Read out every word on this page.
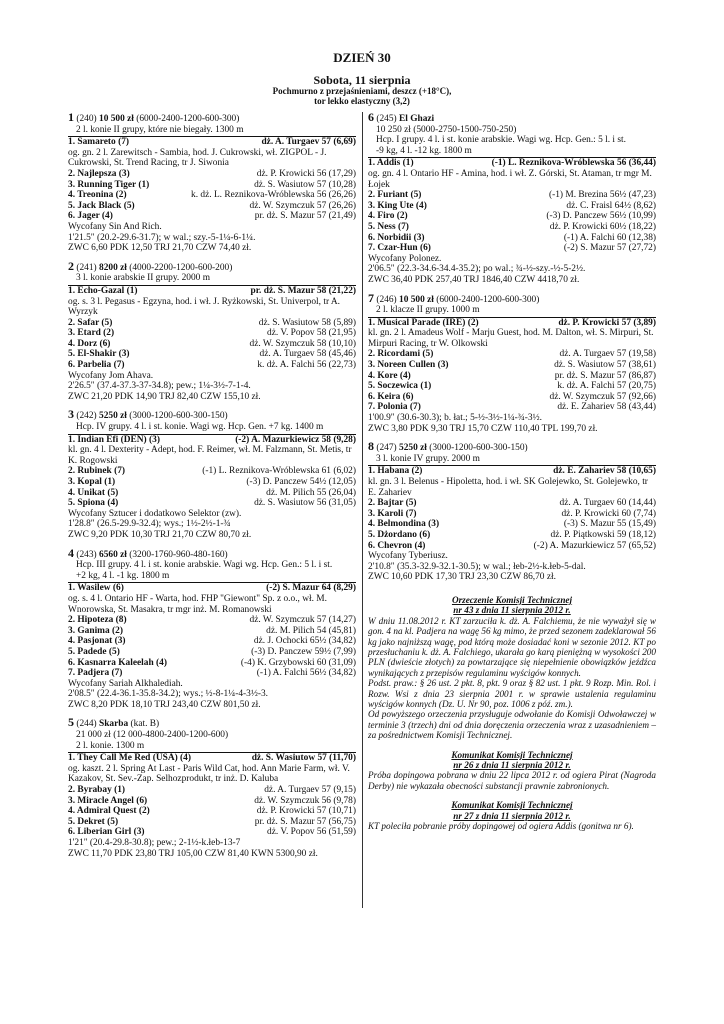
DZIEŃ 30
Sobota, 11 sierpnia
Pochmurno z przejaśnieniami, deszcz (+18°C),
tor lekko elastyczny (3,2)
1 (240) 10 500 zł (6000-2400-1200-600-300)
2 l. konie II grupy, które nie biegały. 1300 m
1. Samareto (7)	dż. A. Turgaev 57 (6,69)
og. gn. 2 l. Zarewitsch - Sambia, hod. J. Cukrowski, wł. ZIGPOL - J. Cukrowski, St. Trend Racing, tr J. Siwonia
2. Najlepsza (3)	dż. P. Krowicki 56 (17,29)
3. Running Tiger (1)	dż. S. Wasiutow 57 (10,28)
4. Treonina (2)	k. dż. L. Reznikova-Wróblewska 56 (26,26)
5. Jack Black (5)	dż. W. Szymczuk 57 (26,26)
6. Jager (4)	pr. dż. S. Mazur 57 (21,49)
Wycofany Sin And Rich.
1'21.5" (20.2-29.6-31.7); w wal.; szy.-5-1¼-6-1¼.
ZWC 6,60 PDK 12,50 TRJ 21,70 CZW 74,40 zł.
2 (241) 8200 zł (4000-2200-1200-600-200)
3 l. konie arabskie II grupy. 2000 m
1. Echo-Gazal (1)	pr. dż. S. Mazur 58 (21,22)
og. s. 3 l. Pegasus - Egzyna, hod. i wł. J. Ryżkowski, St. Univerpol, tr A. Wyrzyk
2. Safar (5)	dż. S. Wasiutow 58 (5,89)
3. Etard (2)	dż. V. Popov 58 (21,95)
4. Dorz (6)	dż. W. Szymczuk 58 (10,10)
5. El-Shakir (3)	dż. A. Turgaev 58 (45,46)
6. Parbelia (7)	k. dż. A. Falchi 56 (22,73)
Wycofany Jom Ahava.
2'26.5" (37.4-37.3-37-34.8); pew.; 1¼-3½-7-1-4.
ZWC 21,20 PDK 14,90 TRJ 82,40 CZW 155,10 zł.
3 (242) 5250 zł (3000-1200-600-300-150)
Hcp. IV grupy. 4 l. i st. konie. Wagi wg. Hcp. Gen. +7 kg. 1400 m
1. Indian Efi (DEN) (3)	(-2) A. Mazurkiewicz 58 (9,28)
kl. gn. 4 l. Dexterity - Adept, hod. F. Reimer, wł. M. Falzmann, St. Metis, tr K. Rogowski
2. Rubinek (7)	(-1) L. Reznikova-Wróblewska 61 (6,02)
3. Kopal (1)	(-3) D. Panczew 54½ (12,05)
4. Unikat (5)	dż. M. Pilich 55 (26,04)
5. Spiona (4)	dż. S. Wasiutow 56 (31,05)
Wycofany Sztucer i dodatkowo Selektor (zw).
1'28.8" (26.5-29.9-32.4); wys.; 1½-2½-1-¾
ZWC 9,20 PDK 10,30 TRJ 21,70 CZW 80,70 zł.
4 (243) 6560 zł (3200-1760-960-480-160)
Hcp. III grupy. 4 l. i st. konie arabskie. Wagi wg. Hcp. Gen.: 5 l. i st.
+2 kg, 4 l. -1 kg. 1800 m
1. Wasilew (6)	(-2) S. Mazur 64 (8,29)
og. s. 4 l. Ontario HF - Warta, hod. FHP "Giewont" Sp. z o.o., wł. M. Wnorowska, St. Masakra, tr mgr inż. M. Romanowski
2. Hipoteza (8)	dż. W. Szymczuk 57 (14,27)
3. Ganima (2)	dż. M. Pilich 54 (45,81)
4. Pasjonat (3)	dż. J. Ochocki 65½ (34,82)
5. Padede (5)	(-3) D. Panczew 59½ (7,99)
6. Kasnarra Kaleelah (4)	(-4) K. Grzybowski 60 (31,09)
7. Padjera (7)	(-1) A. Falchi 56½ (34,82)
Wycofany Sariah Alkhalediah.
2'08.5" (22.4-36.1-35.8-34.2); wys.; ½-8-1¼-4-3½-3.
ZWC 8,20 PDK 18,10 TRJ 243,40 CZW 801,50 zł.
5 (244) Skarba (kat. B)
21 000 zł (12 000-4800-2400-1200-600)
2 l. konie. 1300 m
1. They Call Me Red (USA) (4)	dż. S. Wasiutow 57 (11,70)
og. kaszt. 2 l. Spring At Last - Paris Wild Cat, hod. Ann Marie Farm, wł. V. Kazakov, St. Sev.-Zap. Selhozprodukt, tr inż. D. Kaluba
2. Byrabay (1)	dż. A. Turgaev 57 (9,15)
3. Miracle Angel (6)	dż. W. Szymczuk 56 (9,78)
4. Admiral Quest (2)	dż. P. Krowicki 57 (10,71)
5. Dekret (5)	pr. dż. S. Mazur 57 (56,75)
6. Liberian Girl (3)	dż. V. Popov 56 (51,59)
1'21" (20.4-29.8-30.8); pew.; 2-1½-k.łeb-13-7
ZWC 11,70 PDK 23,80 TRJ 105,00 CZW 81,40 KWN 5300,90 zł.
6 (245) El Ghazi
10 250 zł (5000-2750-1500-750-250)
Hcp. I grupy. 4 l. i st. konie arabskie. Wagi wg. Hcp. Gen.: 5 l. i st.
-9 kg, 4 l. -12 kg. 1800 m
1. Addis (1)	(-1) L. Reznikova-Wróblewska 56 (36,44)
og. gn. 4 l. Ontario HF - Amina, hod. i wł. Z. Górski, St. Ataman, tr mgr M. Łojek
2. Furiant (5)	(-1) M. Brezina 56½ (47,23)
3. King Ute (4)	dż. C. Fraisl 64½ (8,62)
4. Firo (2)	(-3) D. Panczew 56½ (10,99)
5. Ness (7)	dż. P. Krowicki 60½ (18,22)
6. Norbidii (3)	(-1) A. Falchi 60 (12,38)
7. Czar-Hun (6)	(-2) S. Mazur 57 (27,72)
Wycofany Polonez.
2'06.5" (22.3-34.6-34.4-35.2); po wal.; ¾-½-szy.-½-5-2½.
ZWC 36,40 PDK 257,40 TRJ 1846,40 CZW 4418,70 zł.
7 (246) 10 500 zł (6000-2400-1200-600-300)
2 l. klacze II grupy. 1000 m
1. Musical Parade (IRE) (2)	dż. P. Krowicki 57 (3,89)
kl. gn. 2 l. Amadeus Wolf - Marju Guest, hod. M. Dalton, wł. S. Mirpuri, St. Mirpuri Racing, tr W. Olkowski
2. Ricordami (5)	dż. A. Turgaev 57 (19,58)
3. Noreen Cullen (3)	dż. S. Wasiutow 57 (38,61)
4. Kore (4)	pr. dż. S. Mazur 57 (86,87)
5. Soczewica (1)	k. dż. A. Falchi 57 (20,75)
6. Keira (6)	dż. W. Szymczuk 57 (92,66)
7. Polonia (7)	dż. E. Zahariev 58 (43,44)
1'00.9" (30.6-30.3); b. łat.; 5-½-3½-1¼-¾-3½.
ZWC 3,80 PDK 9,30 TRJ 15,70 CZW 110,40 TPL 199,70 zł.
8 (247) 5250 zł (3000-1200-600-300-150)
3 l. konie IV grupy. 2000 m
1. Habana (2)	dż. E. Zahariev 58 (10,65)
kl. gn. 3 l. Belenus - Hipoletta, hod. i wł. SK Golejewko, St. Golejewko, tr E. Zahariev
2. Bajtar (5)	dż. A. Turgaev 60 (14,44)
3. Karoli (7)	dż. P. Krowicki 60 (7,74)
4. Belmondina (3)	(-3) S. Mazur 55 (15,49)
5. Dżordano (6)	dż. P. Piątkowski 59 (18,12)
6. Chevron (4)	(-2) A. Mazurkiewicz 57 (65,52)
Wycofany Tyberiusz.
2'10.8" (35.3-32.9-32.1-30.5); w wal.; łeb-2½-k.łeb-5-dal.
ZWC 10,60 PDK 17,30 TRJ 23,30 CZW 86,70 zł.
Orzeczenie Komisji Technicznej
nr 43 z dnia 11 sierpnia 2012 r.
W dniu 11.08.2012 r. KT zarzuciła k. dż. A. Falchiemu, że nie wyważył się w gon. 4 na kl. Padjera na wagę 56 kg mimo, że przed sezonem zadeklarował 56 kg jako najniższą wagę, pod którą może dosiadać koni w sezonie 2012. KT po przesłuchaniu k. dż. A. Falchiego, ukarała go karą pieniężną w wysokości 200 PLN (dwieście złotych) za powtarzające się niepełnienie obowiązków jeźdźca wynikających z przepisów regulaminu wyścigów konnych.
Podst. praw.: § 26 ust. 2 pkt. 8, pkt. 9 oraz § 82 ust. 1 pkt. 9 Rozp. Min. Rol. i Rozw. Wsi z dnia 23 sierpnia 2001 r. w sprawie ustalenia regulaminu wyścigów konnych (Dz. U. Nr 90, poz. 1006 z póź. zm.).
Od powyższego orzeczenia przysługuje odwołanie do Komisji Odwoławczej w terminie 3 (trzech) dni od dnia doręczenia orzeczenia wraz z uzasadnieniem – za pośrednictwem Komisji Technicznej.
Komunikat Komisji Technicznej
nr 26 z dnia 11 sierpnia 2012 r.
Próba dopingowa pobrana w dniu 22 lipca 2012 r. od ogiera Pirat (Nagroda Derby) nie wykazała obecności substancji prawnie zabronionych.
Komunikat Komisji Technicznej
nr 27 z dnia 11 sierpnia 2012 r.
KT poleciła pobranie próby dopingowej od ogiera Addis (gonitwa nr 6).
